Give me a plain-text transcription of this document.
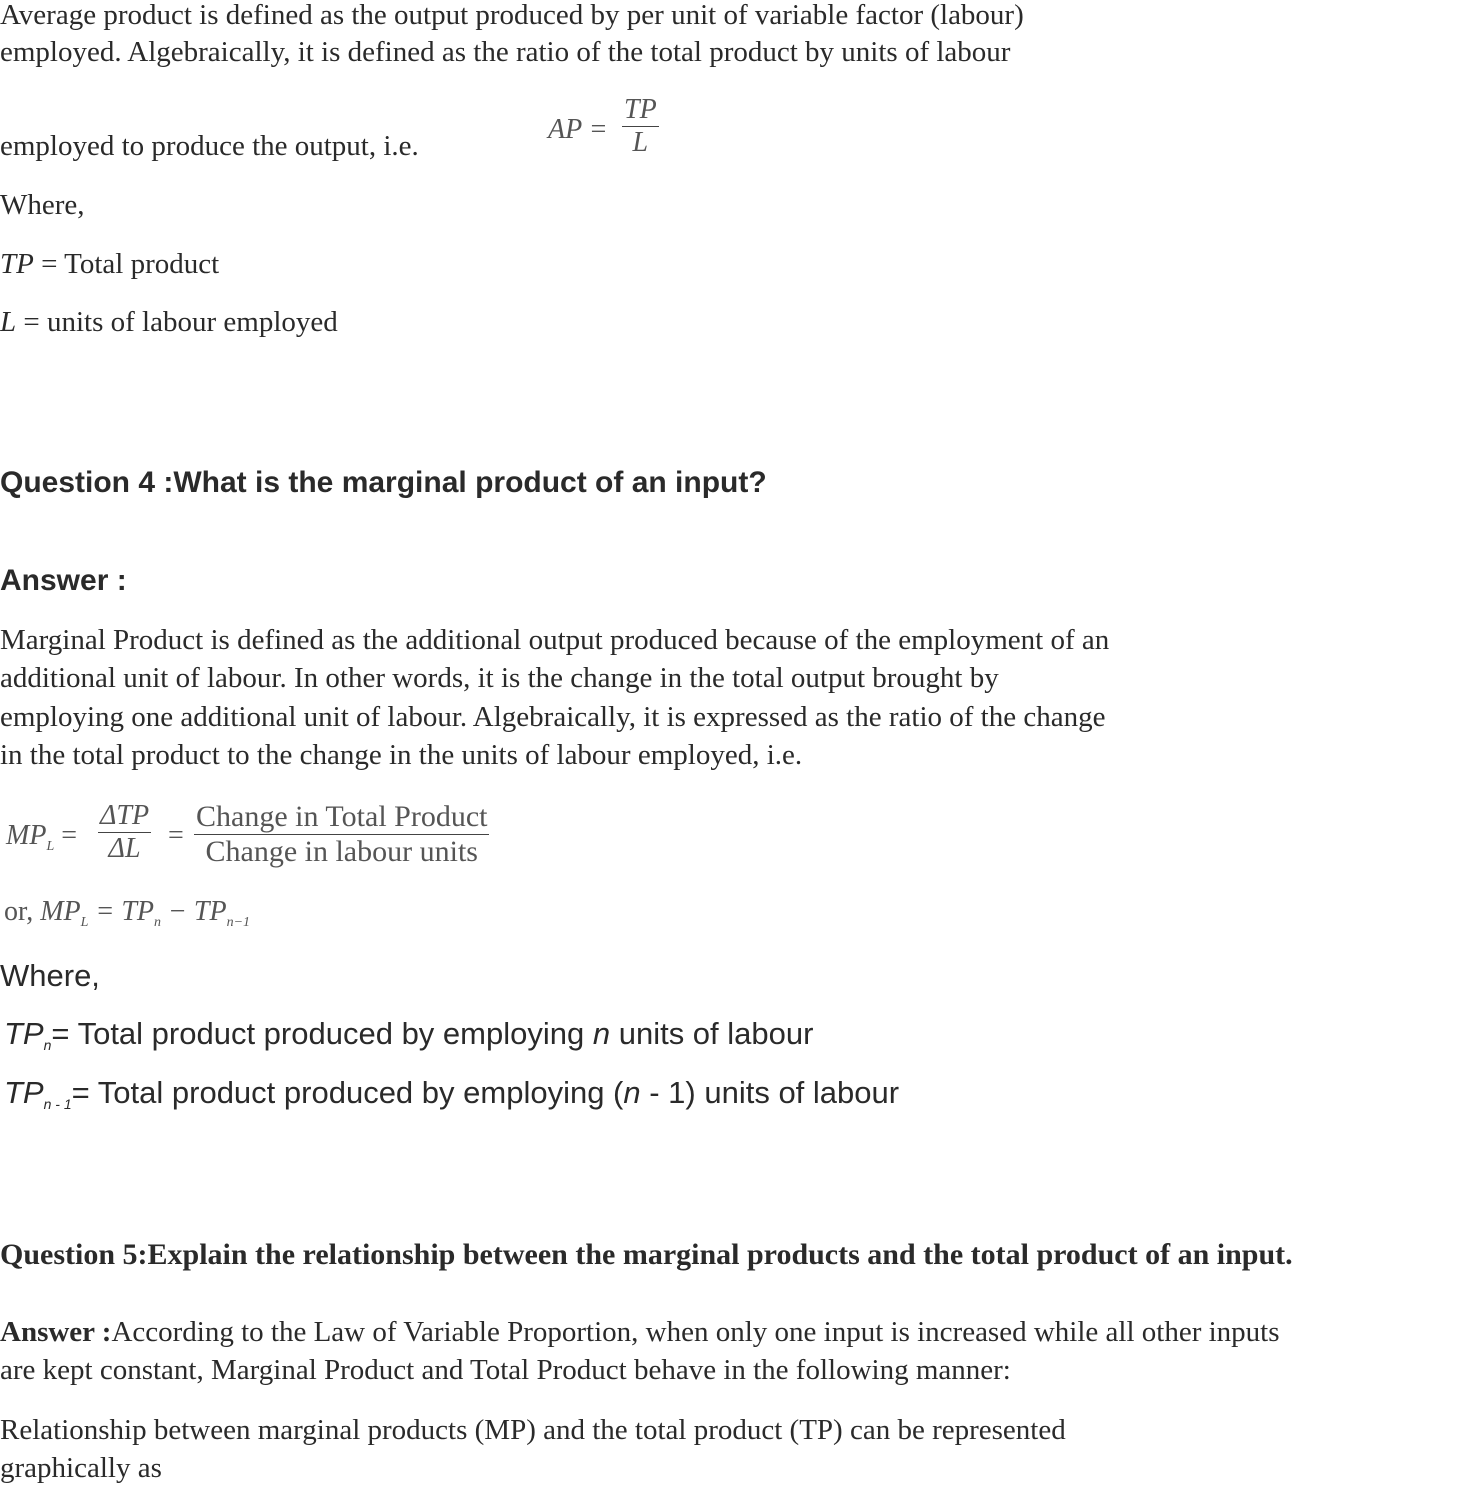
Average product is defined as the output produced by per unit of variable factor (labour)
employed. Algebraically, it is defined as the ratio of the total product by units of labour
employed to produce the output, i.e.
AP = $\frac{TP}{L}$
Where,
TP = Total product
L = units of labour employed
Question 4 :What is the marginal product of an input?
Answer :
Marginal Product is defined as the additional output produced because of the employment of an
additional unit of labour. In other words, it is the change in the total output brought by
employing one additional unit of labour. Algebraically, it is expressed as the ratio of the change
in the total product to the change in the units of labour employed, i.e.
$MP_L$ =
ΔTP
ΔL =
Change in Total Product
Change in labour units
or, $MP_L = TP_n - TP_{n-1}$
Where,
$TP_n=$ Total product produced by employing n units of labour
$TP_{n - 1}=$ Total product produced by employing (n - 1) units of labour
Question 5:Explain the relationship between the marginal products and the total product of an input.
Answer :According to the Law of Variable Proportion, when only one input is increased while all other inputs
are kept constant, Marginal Product and Total Product behave in the following manner:
Relationship between marginal products (MP) and the total product (TP) can be represented
graphically as
